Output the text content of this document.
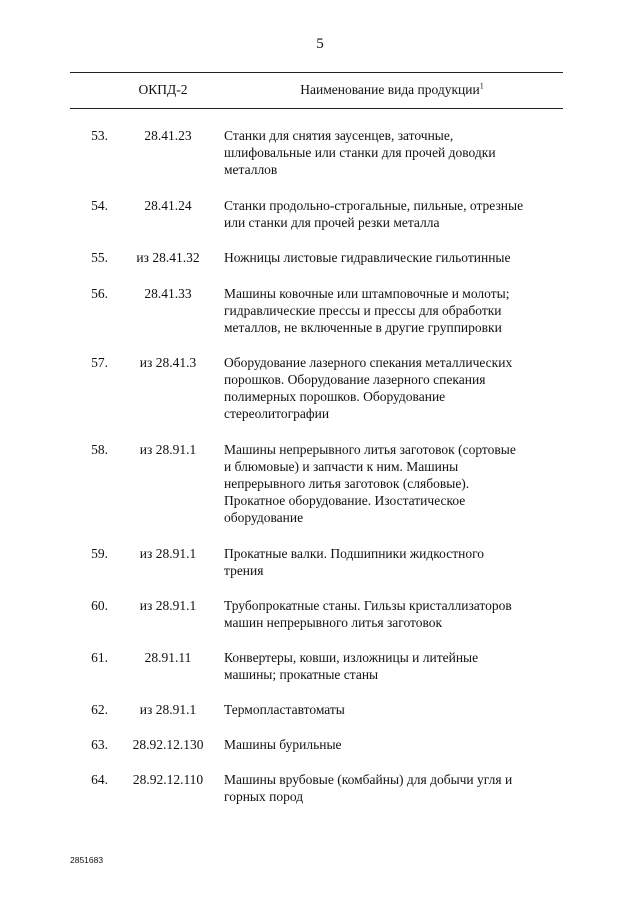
5
ОКПД-2	Наименование вида продукции$^1$
53.	28.41.23	Станки для снятия заусенцев, заточные,
шлифовальные или станки для прочей доводки
металлов
54.	28.41.24	Станки продольно-строгальные, пильные, отрезные
или станки для прочей резки металла
55.	из 28.41.32	Ножницы листовые гидравлические гильотинные
56.	28.41.33	Машины ковочные или штамповочные и молоты;
гидравлические прессы и прессы для обработки
металлов, не включенные в другие группировки
57.	из 28.41.3	Оборудование лазерного спекания металлических
порошков. Оборудование лазерного спекания
полимерных порошков. Оборудование
стереолитографии
58.	из 28.91.1	Машины непрерывного литья заготовок (сортовые
и блюмовые) и запчасти к ним. Машины
непрерывного литья заготовок (слябовые).
Прокатное оборудование. Изостатическое
оборудование
59.	из 28.91.1	Прокатные валки. Подшипники жидкостного
трения
60.	из 28.91.1	Трубопрокатные станы. Гильзы кристаллизаторов
машин непрерывного литья заготовок
61.	28.91.11	Конвертеры, ковши, изложницы и литейные
машины; прокатные станы
62.	из 28.91.1	Термопластавтоматы
63.	28.92.12.130	Машины бурильные
64.	28.92.12.110	Машины врубовые (комбайны) для добычи угля и
горных пород
2851683
